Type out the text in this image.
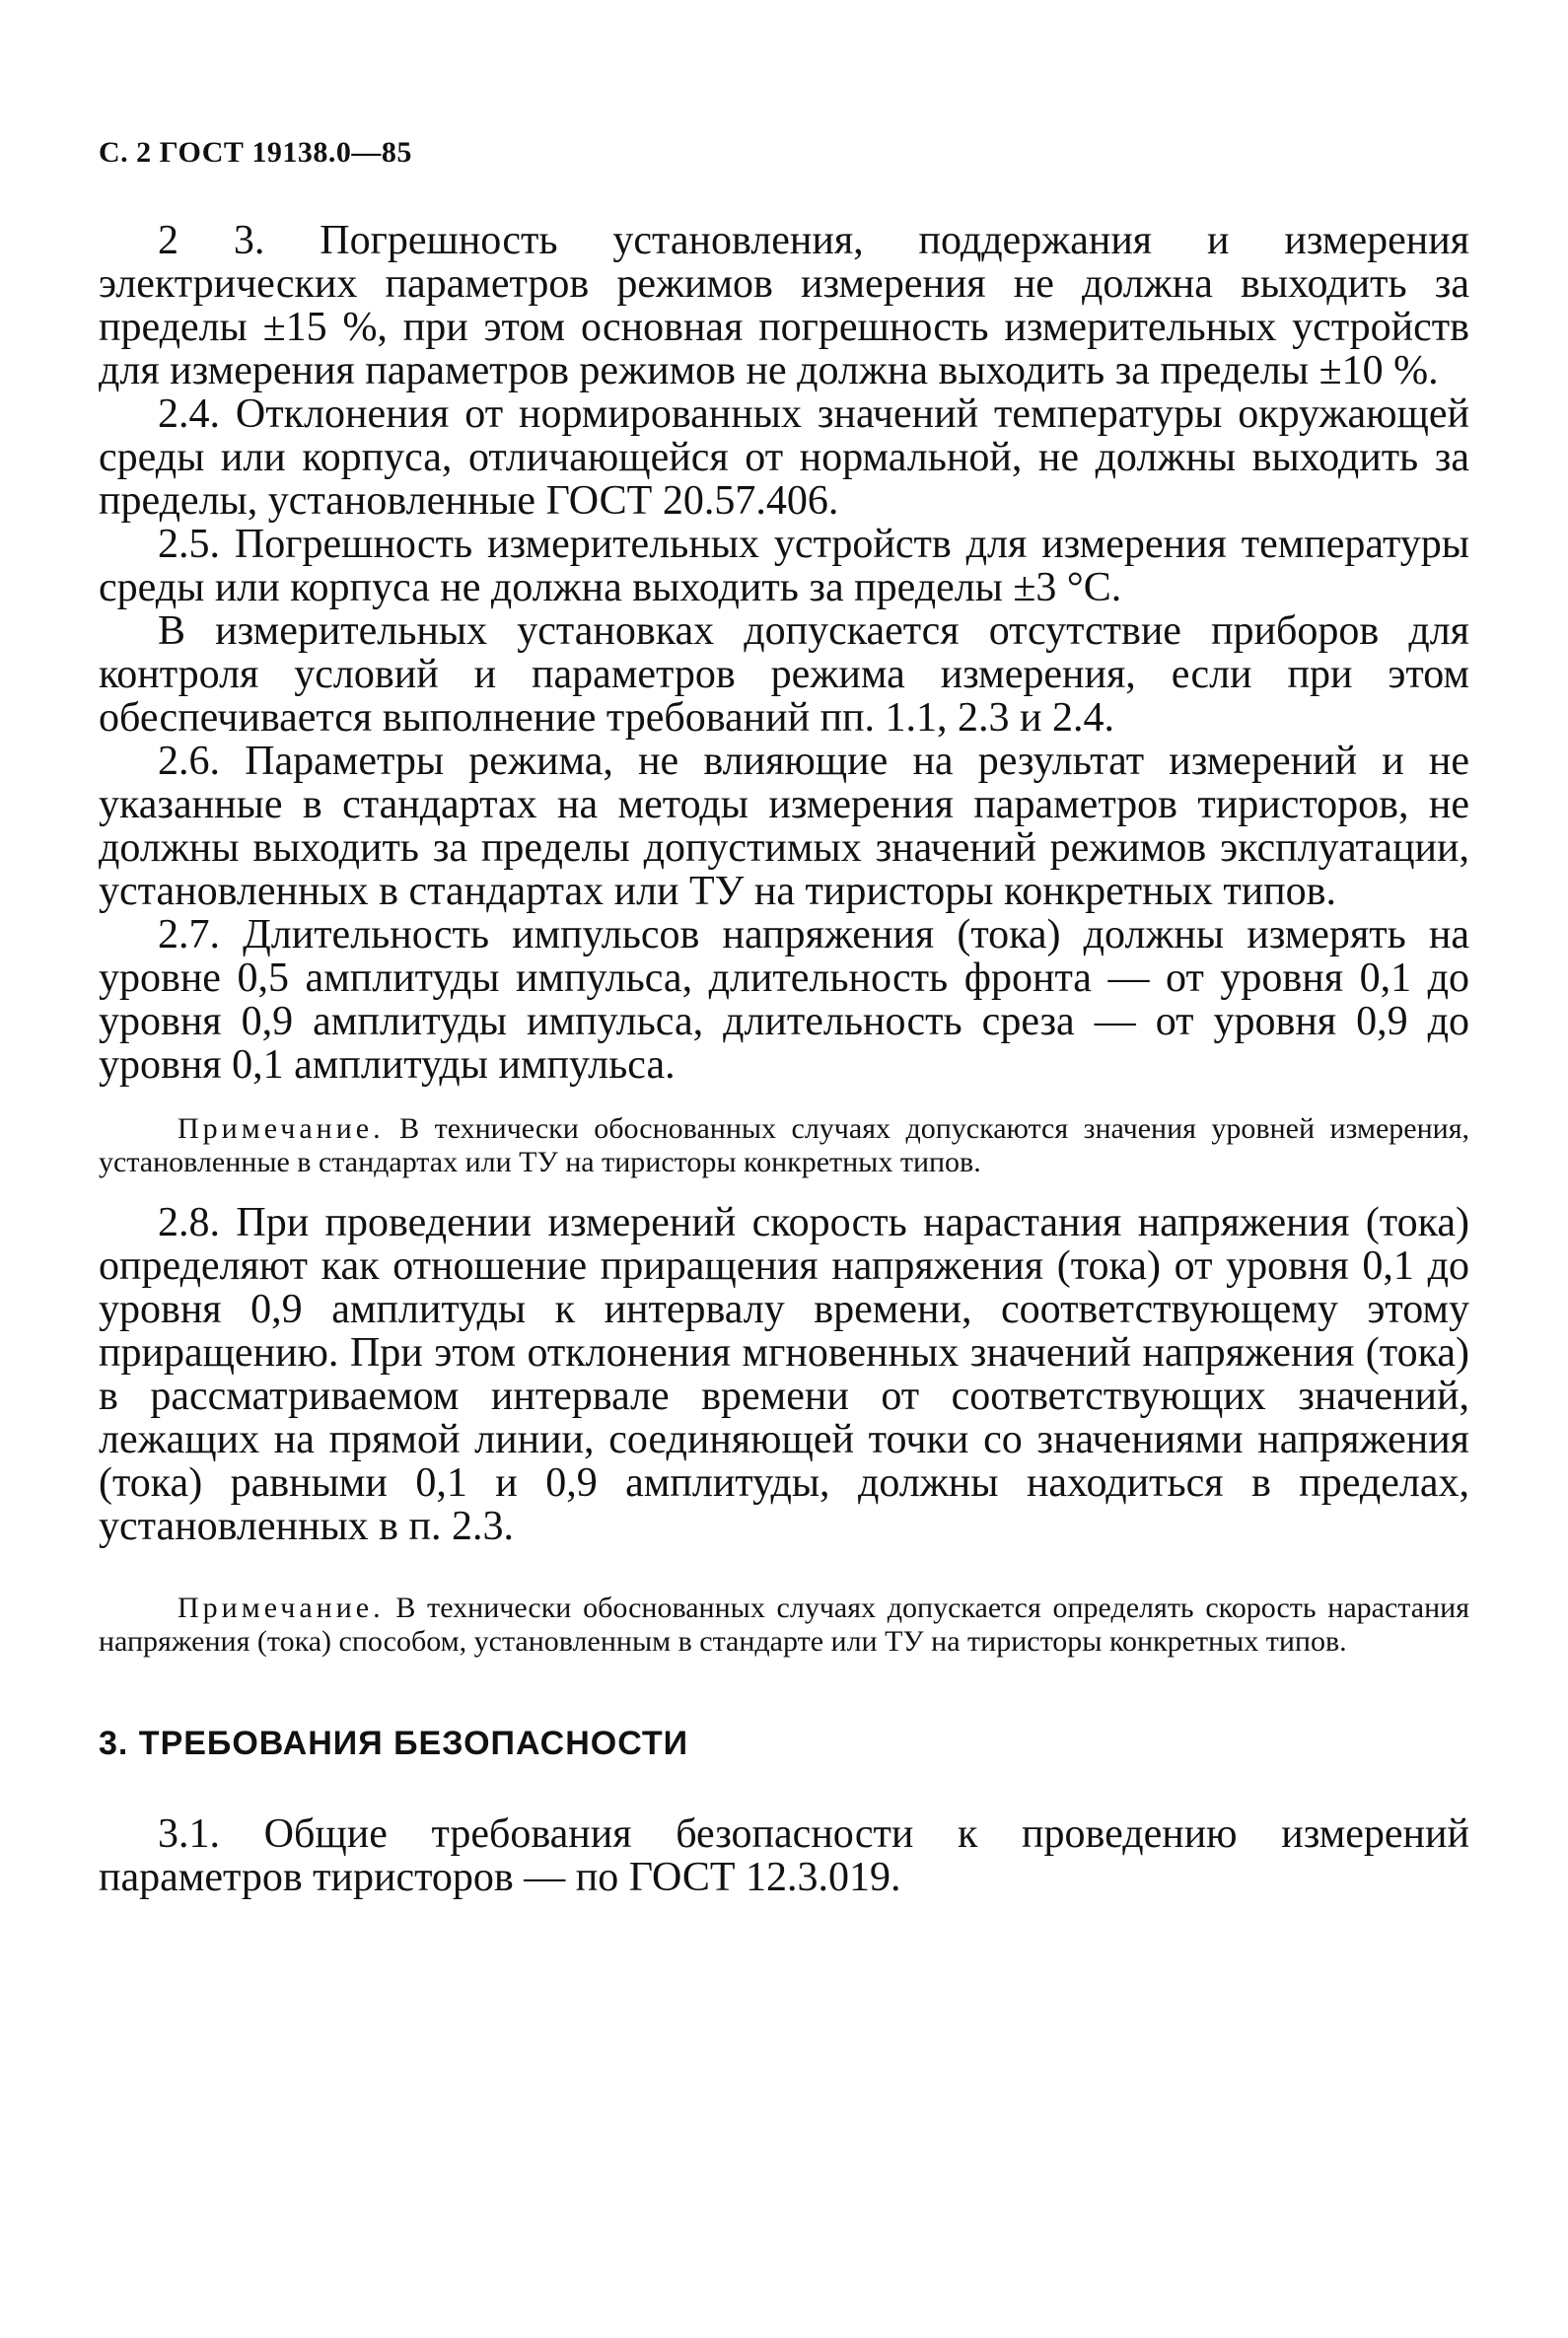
С. 2 ГОСТ 19138.0—85

2 3. Погрешность установления, поддержания и измерения электрических параметров режимов измерения не должна выходить за пределы ±15 %, при этом основная погрешность измерительных устройств для измерения параметров режимов не должна выходить за пределы ±10 %.

2.4. Отклонения от нормированных значений температуры окружающей среды или корпуса, отличающейся от нормальной, не должны выходить за пределы, установленные ГОСТ 20.57.406.

2.5. Погрешность измерительных устройств для измерения температуры среды или корпуса не должна выходить за пределы ±3 °С.

В измерительных установках допускается отсутствие приборов для контроля условий и параметров режима измерения, если при этом обеспечивается выполнение требований пп. 1.1, 2.3 и 2.4.

2.6. Параметры режима, не влияющие на результат измерений и не указанные в стандартах на методы измерения параметров тиристоров, не должны выходить за пределы допустимых значений режимов эксплуатации, установленных в стандартах или ТУ на тиристоры конкретных типов.

2.7. Длительность импульсов напряжения (тока) должны измерять на уровне 0,5 амплитуды импульса, длительность фронта — от уровня 0,1 до уровня 0,9 амплитуды импульса, длительность среза — от уровня 0,9 до уровня 0,1 амплитуды импульса.

Примечание. В технически обоснованных случаях допускаются значения уровней измерения, установленные в стандартах или ТУ на тиристоры конкретных типов.

2.8. При проведении измерений скорость нарастания напряжения (тока) определяют как отношение приращения напряжения (тока) от уровня 0,1 до уровня 0,9 амплитуды к интервалу времени, соответствующему этому приращению. При этом отклонения мгновенных значений напряжения (тока) в рассматриваемом интервале времени от соответствующих значений, лежащих на прямой линии, соединяющей точки со значениями напряжения (тока) равными 0,1 и 0,9 амплитуды, должны находиться в пределах, установленных в п. 2.3.

Примечание. В технически обоснованных случаях допускается определять скорость нарастания напряжения (тока) способом, установленным в стандарте или ТУ на тиристоры конкретных типов.

3. ТРЕБОВАНИЯ БЕЗОПАСНОСТИ

3.1. Общие требования безопасности к проведению измерений параметров тиристоров — по ГОСТ 12.3.019.
